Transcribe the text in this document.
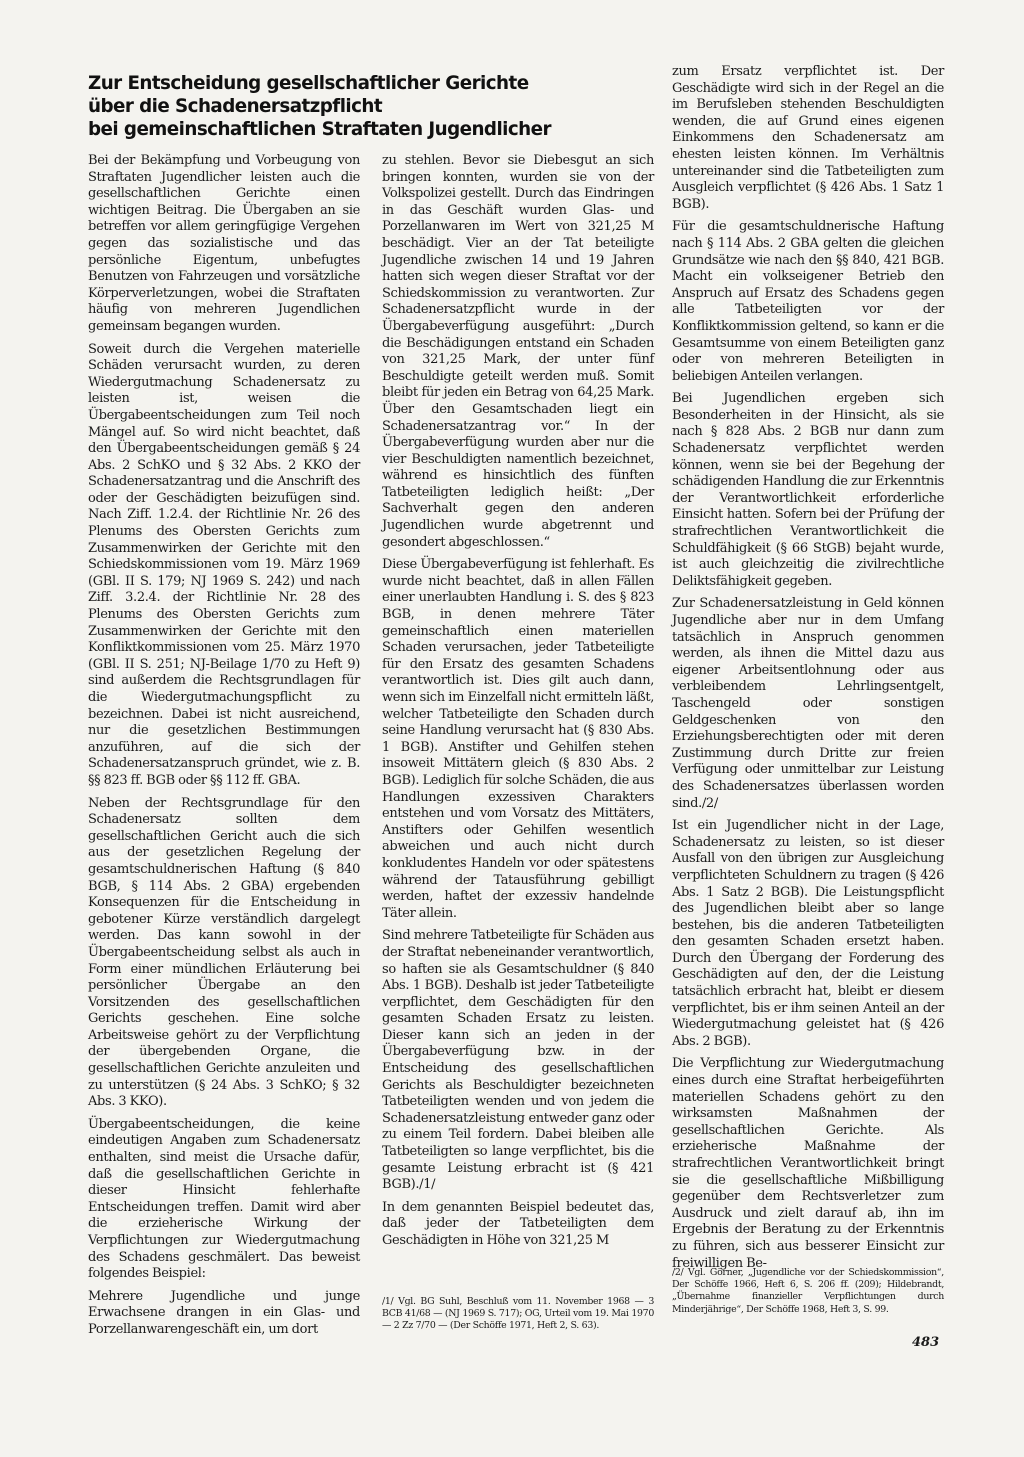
Zur Entscheidung gesellschaftlicher Gerichte
über die Schadenersatzpflicht
bei gemeinschaftlichen Straftaten Jugendlicher

Bei der Bekämpfung und Vorbeugung von Straftaten Jugendlicher leisten auch die gesellschaftlichen Gerichte einen wichtigen Beitrag. Die Übergaben an sie betreffen vor allem geringfügige Vergehen gegen das sozialistische und das persönliche Eigentum, unbefugtes Benutzen von Fahrzeugen und vorsätzliche Körperverletzungen, wobei die Straftaten häufig von mehreren Jugendlichen gemeinsam begangen wurden.

Soweit durch die Vergehen materielle Schäden verursacht wurden, zu deren Wiedergutmachung Schadenersatz zu leisten ist, weisen die Übergabeentscheidungen zum Teil noch Mängel auf. So wird nicht beachtet, daß den Übergabeentscheidungen gemäß § 24 Abs. 2 SchKO und § 32 Abs. 2 KKO der Schadenersatzantrag und die Anschrift des oder der Geschädigten beizufügen sind. Nach Ziff. 1.2.4. der Richtlinie Nr. 26 des Plenums des Obersten Gerichts zum Zusammenwirken der Gerichte mit den Schiedskommissionen vom 19. März 1969 (GBl. II S. 179; NJ 1969 S. 242) und nach Ziff. 3.2.4. der Richtlinie Nr. 28 des Plenums des Obersten Gerichts zum Zusammenwirken der Gerichte mit den Konfliktkommissionen vom 25. März 1970 (GBl. II S. 251; NJ-Beilage 1/70 zu Heft 9) sind außerdem die Rechtsgrundlagen für die Wiedergutmachungspflicht zu bezeichnen. Dabei ist nicht ausreichend, nur die gesetzlichen Bestimmungen anzuführen, auf die sich der Schadenersatzanspruch gründet, wie z. B. §§ 823 ff. BGB oder §§ 112 ff. GBA.

Neben der Rechtsgrundlage für den Schadenersatz sollten dem gesellschaftlichen Gericht auch die sich aus der gesetzlichen Regelung der gesamtschuldnerischen Haftung (§ 840 BGB, § 114 Abs. 2 GBA) ergebenden Konsequenzen für die Entscheidung in gebotener Kürze verständlich dargelegt werden. Das kann sowohl in der Übergabeentscheidung selbst als auch in Form einer mündlichen Erläuterung bei persönlicher Übergabe an den Vorsitzenden des gesellschaftlichen Gerichts geschehen. Eine solche Arbeitsweise gehört zu der Verpflichtung der übergebenden Organe, die gesellschaftlichen Gerichte anzuleiten und zu unterstützen (§ 24 Abs. 3 SchKO; § 32 Abs. 3 KKO).

Übergabeentscheidungen, die keine eindeutigen Angaben zum Schadenersatz enthalten, sind meist die Ursache dafür, daß die gesellschaftlichen Gerichte in dieser Hinsicht fehlerhafte Entscheidungen treffen. Damit wird aber die erzieherische Wirkung der Verpflichtungen zur Wiedergutmachung des Schadens geschmälert. Das beweist folgendes Beispiel:

Mehrere Jugendliche und junge Erwachsene drangen in ein Glas- und Porzellanwarengeschäft ein, um dort

zu stehlen. Bevor sie Diebesgut an sich bringen konnten, wurden sie von der Volkspolizei gestellt. Durch das Eindringen in das Geschäft wurden Glas- und Porzellanwaren im Wert von 321,25 M beschädigt. Vier an der Tat beteiligte Jugendliche zwischen 14 und 19 Jahren hatten sich wegen dieser Straftat vor der Schiedskommission zu verantworten. Zur Schadenersatzpflicht wurde in der Übergabeverfügung ausgeführt: „Durch die Beschädigungen entstand ein Schaden von 321,25 Mark, der unter fünf Beschuldigte geteilt werden muß. Somit bleibt für jeden ein Betrag von 64,25 Mark. Über den Gesamtschaden liegt ein Schadenersatzantrag vor.“ In der Übergabeverfügung wurden aber nur die vier Beschuldigten namentlich bezeichnet, während es hinsichtlich des fünften Tatbeteiligten lediglich heißt: „Der Sachverhalt gegen den anderen Jugendlichen wurde abgetrennt und gesondert abgeschlossen.“

Diese Übergabeverfügung ist fehlerhaft. Es wurde nicht beachtet, daß in allen Fällen einer unerlaubten Handlung i. S. des § 823 BGB, in denen mehrere Täter gemeinschaftlich einen materiellen Schaden verursachen, jeder Tatbeteiligte für den Ersatz des gesamten Schadens verantwortlich ist. Dies gilt auch dann, wenn sich im Einzelfall nicht ermitteln läßt, welcher Tatbeteiligte den Schaden durch seine Handlung verursacht hat (§ 830 Abs. 1 BGB). Anstifter und Gehilfen stehen insoweit Mittätern gleich (§ 830 Abs. 2 BGB). Lediglich für solche Schäden, die aus Handlungen exzessiven Charakters entstehen und vom Vorsatz des Mittäters, Anstifters oder Gehilfen wesentlich abweichen und auch nicht durch konkludentes Handeln vor oder spätestens während der Tatausführung gebilligt werden, haftet der exzessiv handelnde Täter allein.

Sind mehrere Tatbeteiligte für Schäden aus der Straftat nebeneinander verantwortlich, so haften sie als Gesamtschuldner (§ 840 Abs. 1 BGB). Deshalb ist jeder Tatbeteiligte verpflichtet, dem Geschädigten für den gesamten Schaden Ersatz zu leisten. Dieser kann sich an jeden in der Übergabeverfügung bzw. in der Entscheidung des gesellschaftlichen Gerichts als Beschuldigter bezeichneten Tatbeteiligten wenden und von jedem die Schadenersatzleistung entweder ganz oder zu einem Teil fordern. Dabei bleiben alle Tatbeteiligten so lange verpflichtet, bis die gesamte Leistung erbracht ist (§ 421 BGB)./1/

In dem genannten Beispiel bedeutet das, daß jeder der Tatbeteiligten dem Geschädigten in Höhe von 321,25 M

zum Ersatz verpflichtet ist. Der Geschädigte wird sich in der Regel an die im Berufsleben stehenden Beschuldigten wenden, die auf Grund eines eigenen Einkommens den Schadenersatz am ehesten leisten können. Im Verhältnis untereinander sind die Tatbeteiligten zum Ausgleich verpflichtet (§ 426 Abs. 1 Satz 1 BGB).

Für die gesamtschuldnerische Haftung nach § 114 Abs. 2 GBA gelten die gleichen Grundsätze wie nach den §§ 840, 421 BGB. Macht ein volkseigener Betrieb den Anspruch auf Ersatz des Schadens gegen alle Tatbeteiligten vor der Konfliktkommission geltend, so kann er die Gesamtsumme von einem Beteiligten ganz oder von mehreren Beteiligten in beliebigen Anteilen verlangen.

Bei Jugendlichen ergeben sich Besonderheiten in der Hinsicht, als sie nach § 828 Abs. 2 BGB nur dann zum Schadenersatz verpflichtet werden können, wenn sie bei der Begehung der schädigenden Handlung die zur Erkenntnis der Verantwortlichkeit erforderliche Einsicht hatten. Sofern bei der Prüfung der strafrechtlichen Verantwortlichkeit die Schuldfähigkeit (§ 66 StGB) bejaht wurde, ist auch gleichzeitig die zivilrechtliche Deliktsfähigkeit gegeben.

Zur Schadenersatzleistung in Geld können Jugendliche aber nur in dem Umfang tatsächlich in Anspruch genommen werden, als ihnen die Mittel dazu aus eigener Arbeitsentlohnung oder aus verbleibendem Lehrlingsentgelt, Taschengeld oder sonstigen Geldgeschenken von den Erziehungsberechtigten oder mit deren Zustimmung durch Dritte zur freien Verfügung oder unmittelbar zur Leistung des Schadenersatzes überlassen worden sind./2/

Ist ein Jugendlicher nicht in der Lage, Schadenersatz zu leisten, so ist dieser Ausfall von den übrigen zur Ausgleichung verpflichteten Schuldnern zu tragen (§ 426 Abs. 1 Satz 2 BGB). Die Leistungspflicht des Jugendlichen bleibt aber so lange bestehen, bis die anderen Tatbeteiligten den gesamten Schaden ersetzt haben. Durch den Übergang der Forderung des Geschädigten auf den, der die Leistung tatsächlich erbracht hat, bleibt er diesem verpflichtet, bis er ihm seinen Anteil an der Wiedergutmachung geleistet hat (§ 426 Abs. 2 BGB).

Die Verpflichtung zur Wiedergutmachung eines durch eine Straftat herbeigeführten materiellen Schadens gehört zu den wirksamsten Maßnahmen der gesellschaftlichen Gerichte. Als erzieherische Maßnahme der strafrechtlichen Verantwortlichkeit bringt sie die gesellschaftliche Mißbilligung gegenüber dem Rechtsverletzer zum Ausdruck und zielt darauf ab, ihn im Ergebnis der Beratung zu der Erkenntnis zu führen, sich aus besserer Einsicht zur freiwilligen Be-

/1/ Vgl. BG Suhl, Beschluß vom 11. November 1968 — 3 BCB 41/68 — (NJ 1969 S. 717); OG, Urteil vom 19. Mai 1970 — 2 Zz 7/70 — (Der Schöffe 1971, Heft 2, S. 63).
/2/ Vgl. Görner, „Jugendliche vor der Schiedskommission“, Der Schöffe 1966, Heft 6, S. 206 ff. (209); Hildebrandt, „Übernahme finanzieller Verpflichtungen durch Minderjährige“, Der Schöffe 1968, Heft 3, S. 99.
483
